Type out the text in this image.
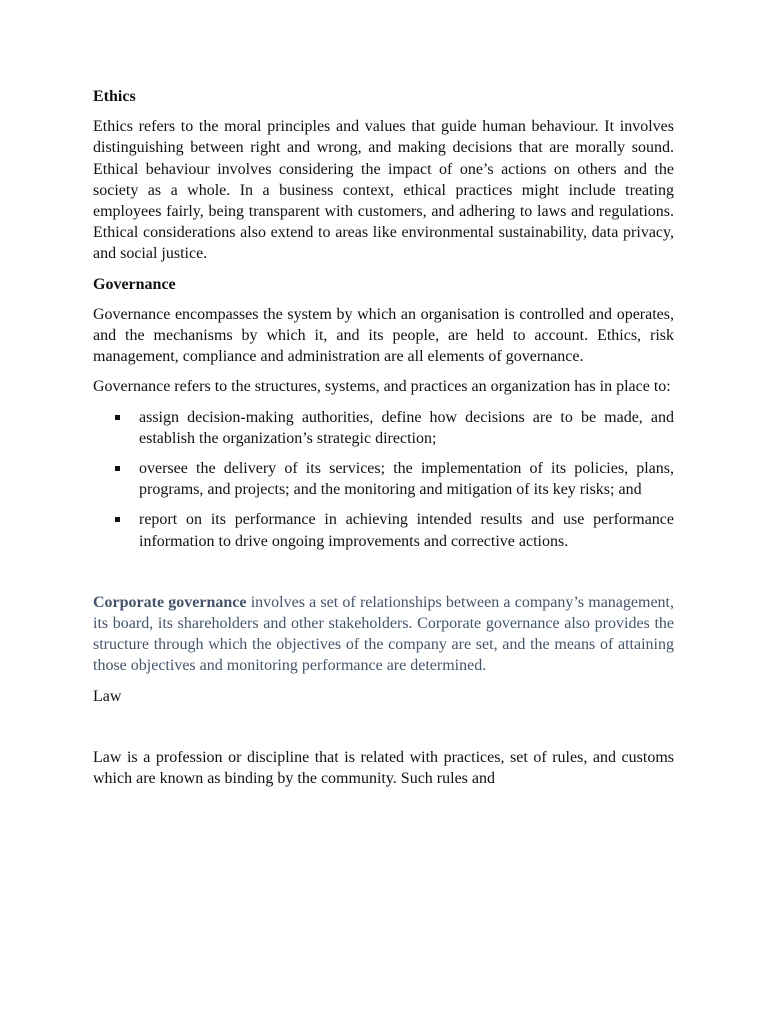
Ethics

Ethics refers to the moral principles and values that guide human behaviour. It involves distinguishing between right and wrong, and making decisions that are morally sound. Ethical behaviour involves considering the impact of one’s actions on others and the society as a whole. In a business context, ethical practices might include treating employees fairly, being transparent with customers, and adhering to laws and regulations. Ethical considerations also extend to areas like environmental sustainability, data privacy, and social justice.

Governance

Governance encompasses the system by which an organisation is controlled and operates, and the mechanisms by which it, and its people, are held to account. Ethics, risk management, compliance and administration are all elements of governance.

Governance refers to the structures, systems, and practices an organization has in place to:

assign decision-making authorities, define how decisions are to be made, and establish the organization’s strategic direction;
oversee the delivery of its services; the implementation of its policies, plans, programs, and projects; and the monitoring and mitigation of its key risks; and
report on its performance in achieving intended results and use performance information to drive ongoing improvements and corrective actions.

Corporate governance involves a set of relationships between a company’s management, its board, its shareholders and other stakeholders. Corporate governance also provides the structure through which the objectives of the company are set, and the means of attaining those objectives and monitoring performance are determined.

Law

Law is a profession or discipline that is related with practices, set of rules, and customs which are known as binding by the community. Such rules and
